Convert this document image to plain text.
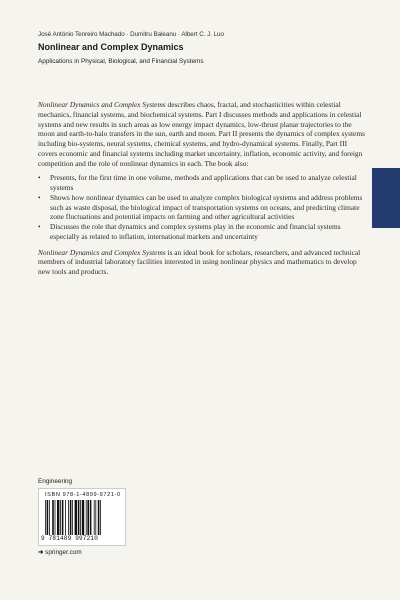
José António Tenreiro Machado · Dumitru Baleanu · Albert C. J. Luo
Nonlinear and Complex Dynamics
Applications in Physical, Biological, and Financial Systems

Nonlinear Dynamics and Complex Systems describes chaos, fractal, and stochasticities within celestial mechanics, financial systems, and biochemical systems. Part I discusses methods and applications in celestial systems and new results in such areas as low energy impact dynamics, low-thrust planar trajectories to the moon and earth-to-halo transfers in the sun, earth and moon. Part II presents the dynamics of complex systems including bio-systems, neural systems, chemical systems, and hydro-dynamical systems. Finally, Part III covers economic and financial systems including market uncertainty, inflation, economic activity, and foreign competition and the role of nonlinear dynamics in each. The book also:

• Presents, for the first time in one volume, methods and applications that can be used to analyze celestial systems
• Shows how nonlinear dynamics can be used to analyze complex biological systems and address problems such as waste disposal, the biological impact of transportation systems on oceans, and predicting climate zone fluctuations and potential impacts on farming and other agricultural activities
• Discusses the role that dynamics and complex systems play in the economic and financial systems especially as related to inflation, international markets and uncertainty

Nonlinear Dynamics and Complex Systems is an ideal book for scholars, researchers, and advanced technical members of industrial laboratory facilities interested in using nonlinear physics and mathematics to develop new tools and products.

Engineering
ISBN 978-1-4899-9721-0
9 781489 997210
➜ springer.com
